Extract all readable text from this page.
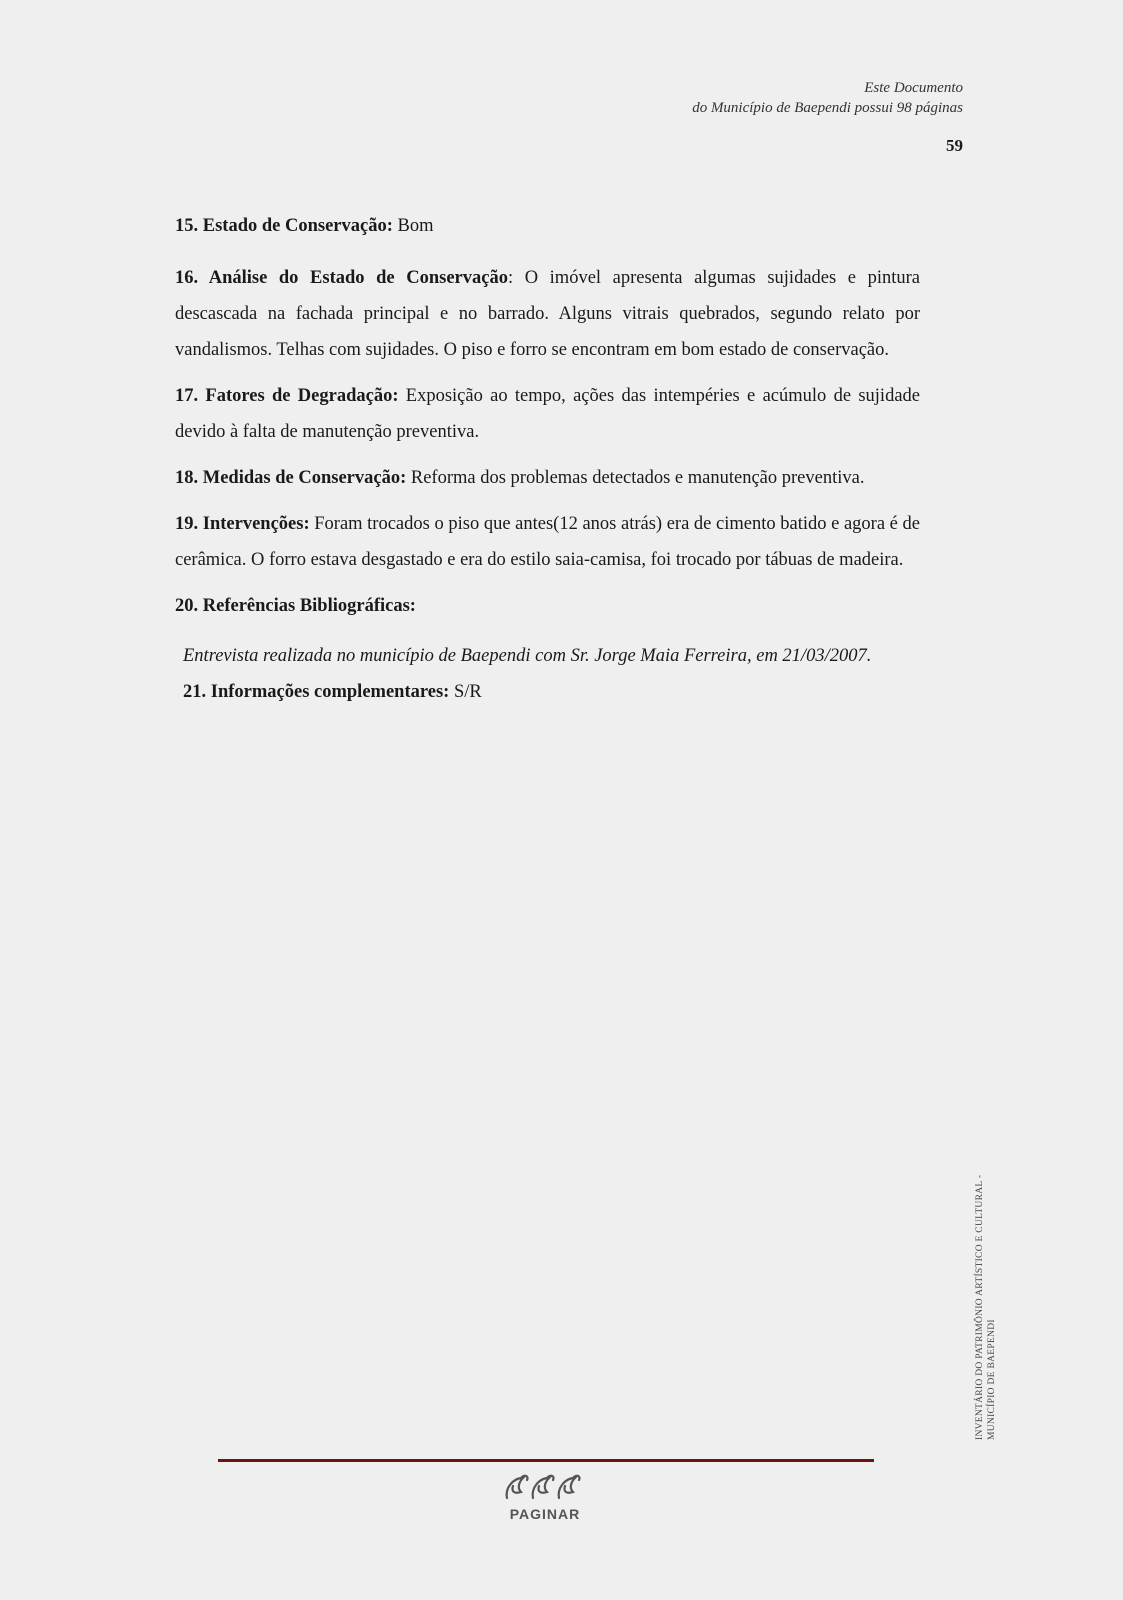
Este Documento
do Município de Baependi possui 98 páginas
59

15. Estado de Conservação: Bom

16. Análise do Estado de Conservação: O imóvel apresenta algumas sujidades e pintura descascada na fachada principal e no barrado. Alguns vitrais quebrados, segundo relato por vandalismos. Telhas com sujidades. O piso e forro se encontram em bom estado de conservação.

17. Fatores de Degradação: Exposição ao tempo, ações das intempéries e acúmulo de sujidade devido à falta de manutenção preventiva.

18. Medidas de Conservação: Reforma dos problemas detectados e manutenção preventiva.

19. Intervenções: Foram trocados o piso que antes(12 anos atrás) era de cimento batido e agora é de cerâmica. O forro estava desgastado e era do estilo saia-camisa, foi trocado por tábuas de madeira.

20. Referências Bibliográficas:

Entrevista realizada no município de Baependi com Sr. Jorge Maia Ferreira, em 21/03/2007.

21. Informações complementares: S/R

INVENTÁRIO DO PATRIMÔNIO ARTÍSTICO E CULTURAL - MUNICÍPIO DE BAEPENDI
PAGINAR
